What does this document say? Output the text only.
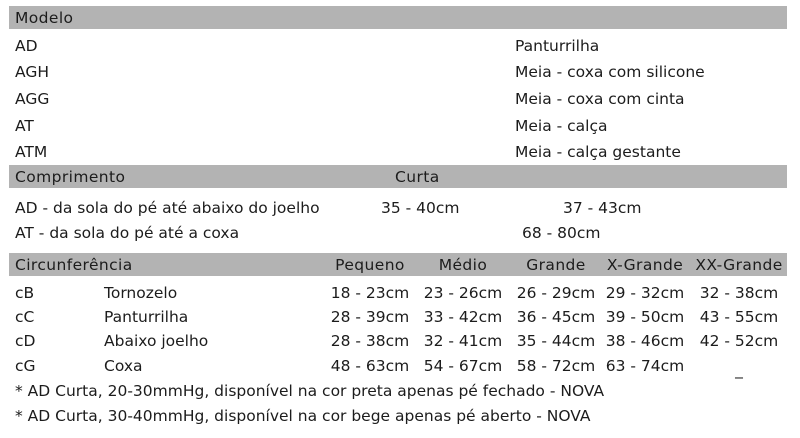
Modelo
AD	Panturrilha
AGH	Meia - coxa com silicone
AGG	Meia - coxa com cinta
AT	Meia - calça
ATM	Meia - calça gestante
Comprimento	Curta
AD - da sola do pé até abaixo do joelho	35 - 40cm	37 - 43cm
AT - da sola do pé até a coxa	68 - 80cm
Circunferência	Pequeno	Médio	Grande	X-Grande XX-Grande
cB	Tornozelo	18 - 23cm 23 - 26cm 26 - 29cm 29 - 32cm 32 - 38cm
cC	Panturrilha	28 - 39cm 33 - 42cm 36 - 45cm 39 - 50cm 43 - 55cm
cD	Abaixo joelho	28 - 38cm 32 - 41cm 35 - 44cm 38 - 46cm 42 - 52cm
cG	Coxa	48 - 63cm 54 - 67cm 58 - 72cm 63 - 74cm	_
* AD Curta, 20-30mmHg, disponível na cor preta apenas pé fechado - NOVA
* AD Curta, 30-40mmHg, disponível na cor bege apenas pé aberto - NOVA
